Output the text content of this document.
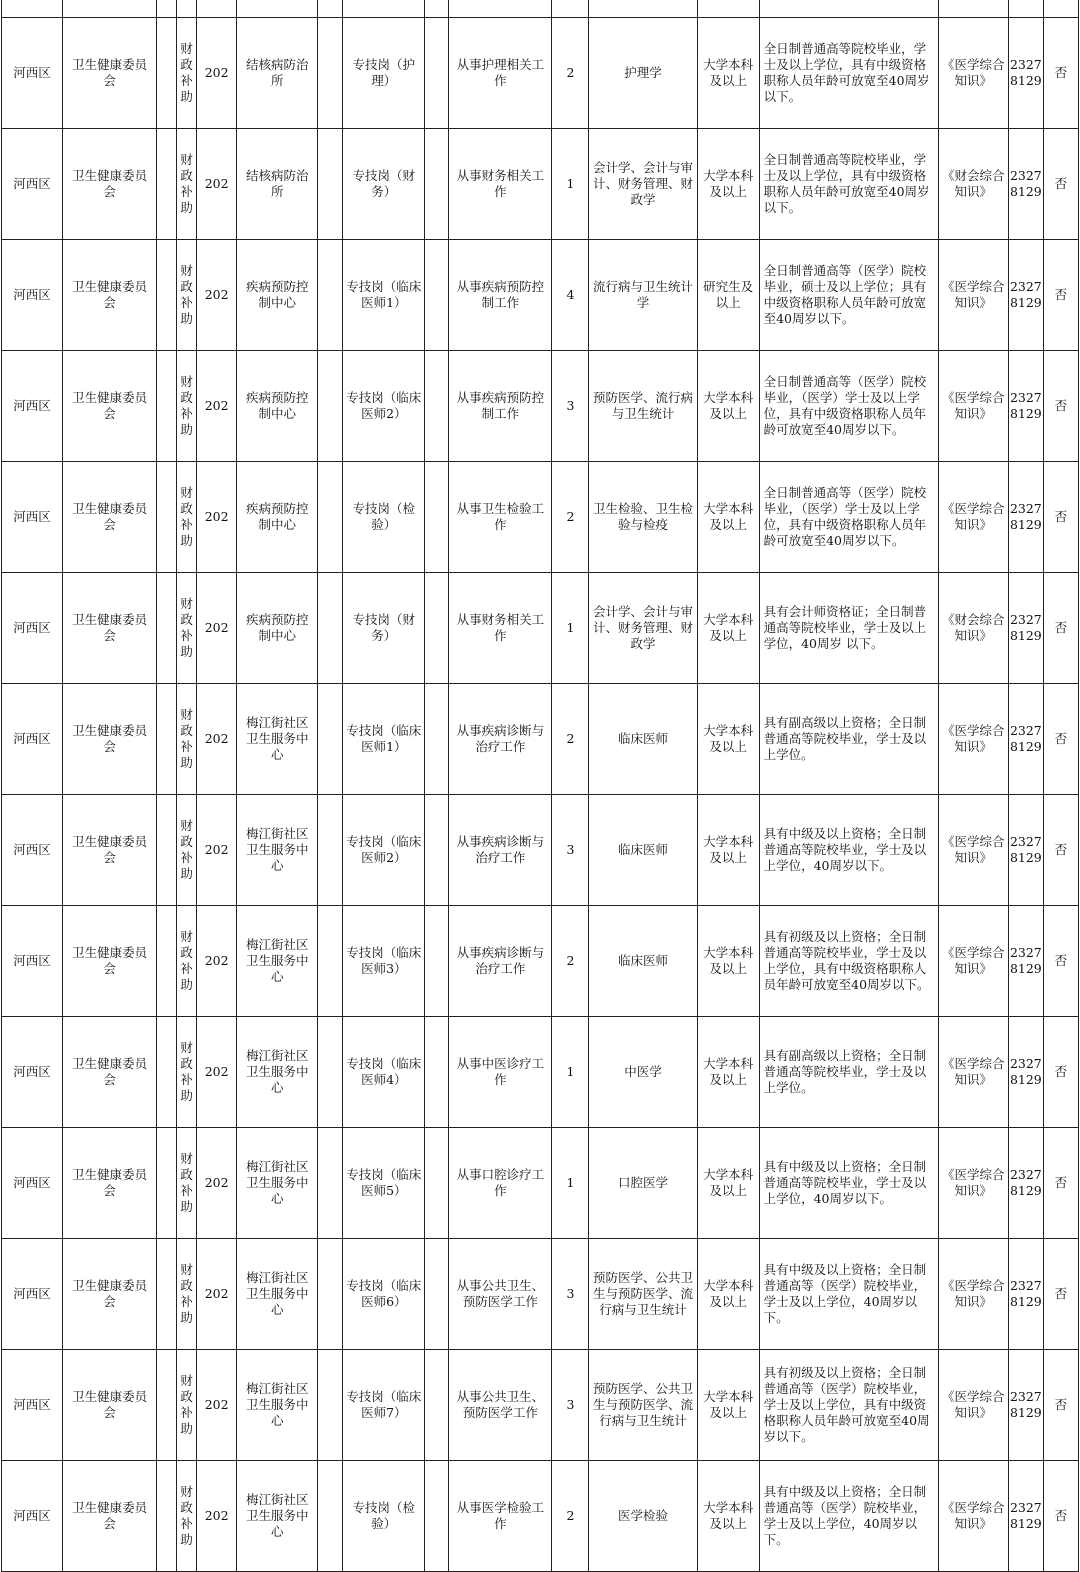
河西区	卫生健康委员会		财政补助	202	结核病防治所		专技岗（护理）		从事护理相关工作	2	护理学	大学本科及以上	全日制普通高等院校毕业，学士及以上学位，具有中级资格职称人员年龄可放宽至40周岁以下。	《医学综合知识》	23278129	否
河西区	卫生健康委员会		财政补助	202	结核病防治所		专技岗（财务）		从事财务相关工作	1	会计学、会计与审计、财务管理、财政学	大学本科及以上	全日制普通高等院校毕业，学士及以上学位，具有中级资格职称人员年龄可放宽至40周岁以下。	《财会综合知识》	23278129	否
河西区	卫生健康委员会		财政补助	202	疾病预防控制中心		专技岗（临床医师1）		从事疾病预防控制工作	4	流行病与卫生统计学	研究生及以上	全日制普通高等（医学）院校毕业，硕士及以上学位；具有中级资格职称人员年龄可放宽至40周岁以下。	《医学综合知识》	23278129	否
河西区	卫生健康委员会		财政补助	202	疾病预防控制中心		专技岗（临床医师2）		从事疾病预防控制工作	3	预防医学、流行病与卫生统计	大学本科及以上	全日制普通高等（医学）院校毕业，（医学）学士及以上学位，具有中级资格职称人员年龄可放宽至40周岁以下。	《医学综合知识》	23278129	否
河西区	卫生健康委员会		财政补助	202	疾病预防控制中心		专技岗（检验）		从事卫生检验工作	2	卫生检验、卫生检验与检疫	大学本科及以上	全日制普通高等（医学）院校毕业，（医学）学士及以上学位，具有中级资格职称人员年龄可放宽至40周岁以下。	《医学综合知识》	23278129	否
河西区	卫生健康委员会		财政补助	202	疾病预防控制中心		专技岗（财务）		从事财务相关工作	1	会计学、会计与审计、财务管理、财政学	大学本科及以上	具有会计师资格证；全日制普通高等院校毕业，学士及以上学位，40周岁 以下。	《财会综合知识》	23278129	否
河西区	卫生健康委员会		财政补助	202	梅江街社区卫生服务中心		专技岗（临床医师1）		从事疾病诊断与治疗工作	2	临床医师	大学本科及以上	具有副高级以上资格；全日制普通高等院校毕业，学士及以上学位。	《医学综合知识》	23278129	否
河西区	卫生健康委员会		财政补助	202	梅江街社区卫生服务中心		专技岗（临床医师2）		从事疾病诊断与治疗工作	3	临床医师	大学本科及以上	具有中级及以上资格；全日制普通高等院校毕业，学士及以上学位，40周岁以下。	《医学综合知识》	23278129	否
河西区	卫生健康委员会		财政补助	202	梅江街社区卫生服务中心		专技岗（临床医师3）		从事疾病诊断与治疗工作	2	临床医师	大学本科及以上	具有初级及以上资格；全日制普通高等院校毕业，学士及以上学位，具有中级资格职称人员年龄可放宽至40周岁以下。	《医学综合知识》	23278129	否
河西区	卫生健康委员会		财政补助	202	梅江街社区卫生服务中心		专技岗（临床医师4）		从事中医诊疗工作	1	中医学	大学本科及以上	具有副高级以上资格；全日制普通高等院校毕业，学士及以上学位。	《医学综合知识》	23278129	否
河西区	卫生健康委员会		财政补助	202	梅江街社区卫生服务中心		专技岗（临床医师5）		从事口腔诊疗工作	1	口腔医学	大学本科及以上	具有中级及以上资格；全日制普通高等院校毕业，学士及以上学位，40周岁以下。	《医学综合知识》	23278129	否
河西区	卫生健康委员会		财政补助	202	梅江街社区卫生服务中心		专技岗（临床医师6）		从事公共卫生、预防医学工作	3	预防医学、公共卫生与预防医学、流行病与卫生统计	大学本科及以上	具有中级及以上资格；全日制普通高等（医学）院校毕业，学士及以上学位，40周岁以下。	《医学综合知识》	23278129	否
河西区	卫生健康委员会		财政补助	202	梅江街社区卫生服务中心		专技岗（临床医师7）		从事公共卫生、预防医学工作	3	预防医学、公共卫生与预防医学、流行病与卫生统计	大学本科及以上	具有初级及以上资格；全日制普通高等（医学）院校毕业，学士及以上学位，具有中级资格职称人员年龄可放宽至40周岁以下。	《医学综合知识》	23278129	否
河西区	卫生健康委员会		财政补助	202	梅江街社区卫生服务中心		专技岗（检验）		从事医学检验工作	2	医学检验	大学本科及以上	具有中级及以上资格；全日制普通高等（医学）院校毕业，学士及以上学位，40周岁以下。	《医学综合知识》	23278129	否
